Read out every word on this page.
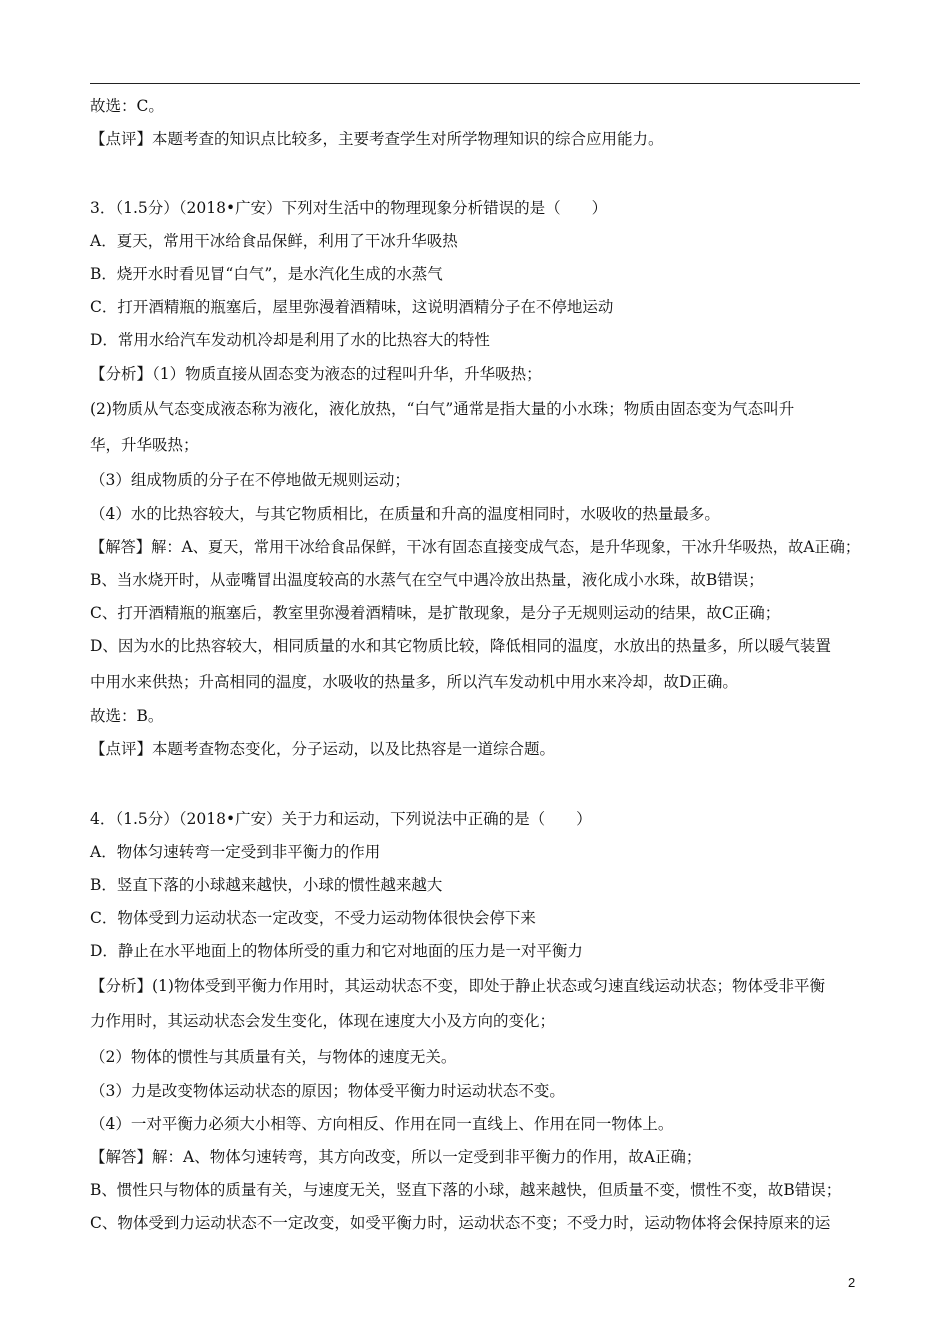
故选：C。
【点评】本题考查的知识点比较多，主要考查学生对所学物理知识的综合应用能力。
3．（1.5分）（2018•广安）下列对生活中的物理现象分析错误的是（　　）
A．夏天，常用干冰给食品保鲜，利用了干冰升华吸热
B．烧开水时看见冒“白气”，是水汽化生成的水蒸气
C．打开酒精瓶的瓶塞后，屋里弥漫着酒精味，这说明酒精分子在不停地运动
D．常用水给汽车发动机冷却是利用了水的比热容大的特性
【分析】（1）物质直接从固态变为液态的过程叫升华，升华吸热；
(2)物质从气态变成液态称为液化，液化放热，“白气”通常是指大量的小水珠；物质由固态变为气态叫升
华，升华吸热；
（3）组成物质的分子在不停地做无规则运动；
（4）水的比热容较大，与其它物质相比，在质量和升高的温度相同时，水吸收的热量最多。
【解答】解：A、夏天，常用干冰给食品保鲜，干冰有固态直接变成气态，是升华现象，干冰升华吸热，故A正确；
B、当水烧开时，从壶嘴冒出温度较高的水蒸气在空气中遇冷放出热量，液化成小水珠，故B错误；
C、打开酒精瓶的瓶塞后，教室里弥漫着酒精味，是扩散现象，是分子无规则运动的结果，故C正确；
D、因为水的比热容较大，相同质量的水和其它物质比较，降低相同的温度，水放出的热量多，所以暖气装置
中用水来供热；升高相同的温度，水吸收的热量多，所以汽车发动机中用水来冷却，故D正确。
故选：B。
【点评】本题考查物态变化，分子运动，以及比热容是一道综合题。
4．（1.5分）（2018•广安）关于力和运动，下列说法中正确的是（　　）
A．物体匀速转弯一定受到非平衡力的作用
B．竖直下落的小球越来越快，小球的惯性越来越大
C．物体受到力运动状态一定改变，不受力运动物体很快会停下来
D．静止在水平地面上的物体所受的重力和它对地面的压力是一对平衡力
【分析】(1)物体受到平衡力作用时，其运动状态不变，即处于静止状态或匀速直线运动状态；物体受非平衡
力作用时，其运动状态会发生变化，体现在速度大小及方向的变化；
（2）物体的惯性与其质量有关，与物体的速度无关。
（3）力是改变物体运动状态的原因；物体受平衡力时运动状态不变。
（4）一对平衡力必须大小相等、方向相反、作用在同一直线上、作用在同一物体上。
【解答】解：A、物体匀速转弯，其方向改变，所以一定受到非平衡力的作用，故A正确；
B、惯性只与物体的质量有关，与速度无关，竖直下落的小球，越来越快，但质量不变，惯性不变，故B错误；
C、物体受到力运动状态不一定改变，如受平衡力时，运动状态不变；不受力时，运动物体将会保持原来的运
2
